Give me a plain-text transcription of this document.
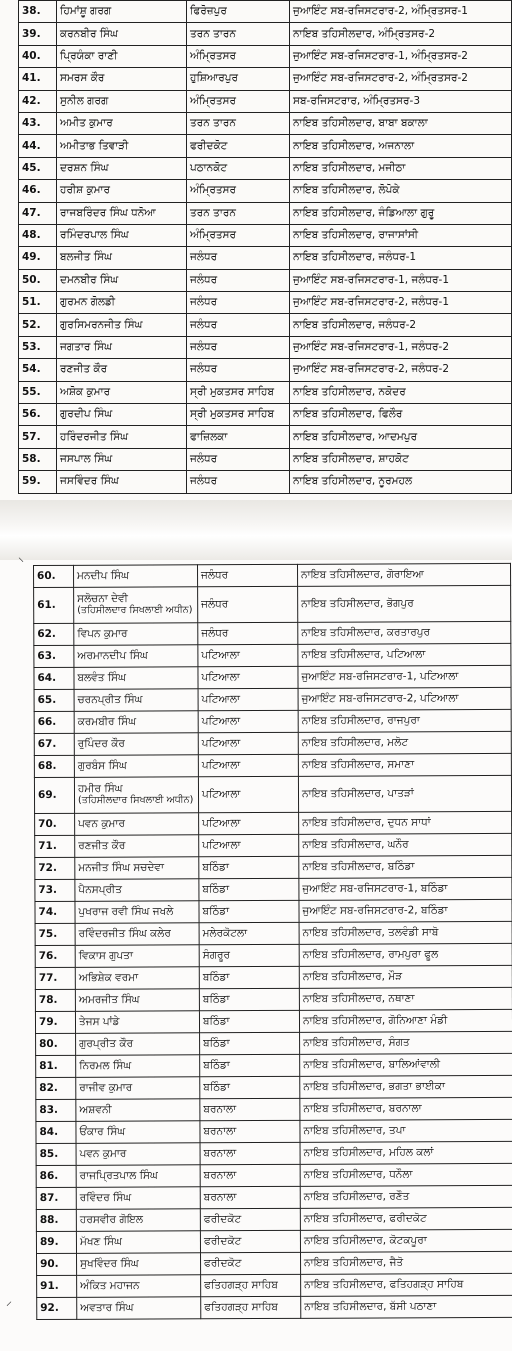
38.	ਹਿਮਾਂਸ਼ੂ ਗਰਗ	ਫਿਰੋਜ਼ਪੁਰ	ਜੁਆਇੰਟ ਸਬ-ਰਜਿਸਟਰਾਰ-2, ਅੰਮ੍ਰਿਤਸਰ-1
39.	ਕਰਨਬੀਰ ਸਿੰਘ	ਤਰਨ ਤਾਰਨ	ਨਾਇਬ ਤਹਿਸੀਲਦਾਰ, ਅੰਮ੍ਰਿਤਸਰ-2
40.	ਪ੍ਰਿਯੰਕਾ ਰਾਣੀ	ਅੰਮ੍ਰਿਤਸਰ	ਜੁਆਇੰਟ ਸਬ-ਰਜਿਸਟਰਾਰ-1, ਅੰਮ੍ਰਿਤਸਰ-2
41.	ਸਮਰਸ ਕੌਰ	ਹੁਸ਼ਿਆਰਪੁਰ	ਜੁਆਇੰਟ ਸਬ-ਰਜਿਸਟਰਾਰ-2, ਅੰਮ੍ਰਿਤਸਰ-2
42.	ਸੁਨੀਲ ਗਰਗ	ਅੰਮ੍ਰਿਤਸਰ	ਸਬ-ਰਜਿਸਟਰਾਰ, ਅੰਮ੍ਰਿਤਸਰ-3
43.	ਅਮੀਤ ਕੁਮਾਰ	ਤਰਨ ਤਾਰਨ	ਨਾਇਬ ਤਹਿਸੀਲਦਾਰ, ਬਾਬਾ ਬਕਾਲਾ
44.	ਅਮੀਤਾਭ ਤਿਵਾੜੀ	ਫਰੀਦਕੋਟ	ਨਾਇਬ ਤਹਿਸੀਲਦਾਰ, ਅਜਨਾਲਾ
45.	ਦਰਸ਼ਨ ਸਿੰਘ	ਪਠਾਨਕੋਟ	ਨਾਇਬ ਤਹਿਸੀਲਦਾਰ, ਮਜੀਠਾ
46.	ਹਰੀਸ਼ ਕੁਮਾਰ	ਅੰਮ੍ਰਿਤਸਰ	ਨਾਇਬ ਤਹਿਸੀਲਦਾਰ, ਲੋਪੋਕੇ
47.	ਰਾਜਬਰਿੰਦਰ ਸਿੰਘ ਧਨੋਆ	ਤਰਨ ਤਾਰਨ	ਨਾਇਬ ਤਹਿਸੀਲਦਾਰ, ਜੰਡਿਆਲਾ ਗੁਰੂ
48.	ਰਮਿੰਦਰਪਾਲ ਸਿੰਘ	ਅੰਮ੍ਰਿਤਸਰ	ਨਾਇਬ ਤਹਿਸੀਲਦਾਰ, ਰਾਜਾਸਾਂਸੀ
49.	ਬਲਜੀਤ ਸਿੰਘ	ਜਲੰਧਰ	ਨਾਇਬ ਤਹਿਸੀਲਦਾਰ, ਜਲੰਧਰ-1
50.	ਦਮਨਬੀਰ ਸਿੰਘ	ਜਲੰਧਰ	ਜੁਆਇੰਟ ਸਬ-ਰਜਿਸਟਰਾਰ-1, ਜਲੰਧਰ-1
51.	ਗੁਰਮਨ ਗੋਲਡੀ	ਜਲੰਧਰ	ਜੁਆਇੰਟ ਸਬ-ਰਜਿਸਟਰਾਰ-2, ਜਲੰਧਰ-1
52.	ਗੁਰਸਿਮਰਨਜੀਤ ਸਿੰਘ	ਜਲੰਧਰ	ਨਾਇਬ ਤਹਿਸੀਲਦਾਰ, ਜਲੰਧਰ-2
53.	ਜਗਤਾਰ ਸਿੰਘ	ਜਲੰਧਰ	ਜੁਆਇੰਟ ਸਬ-ਰਜਿਸਟਰਾਰ-1, ਜਲੰਧਰ-2
54.	ਰਣਜੀਤ ਕੌਰ	ਜਲੰਧਰ	ਜੁਆਇੰਟ ਸਬ-ਰਜਿਸਟਰਾਰ-2, ਜਲੰਧਰ-2
55.	ਅਸ਼ੋਕ ਕੁਮਾਰ	ਸ੍ਰੀ ਮੁਕਤਸਰ ਸਾਹਿਬ	ਨਾਇਬ ਤਹਿਸੀਲਦਾਰ, ਨਕੋਦਰ
56.	ਗੁਰਦੀਪ ਸਿੰਘ	ਸ੍ਰੀ ਮੁਕਤਸਰ ਸਾਹਿਬ	ਨਾਇਬ ਤਹਿਸੀਲਦਾਰ, ਫਿਲੌਰ
57.	ਹਰਿੰਦਰਜੀਤ ਸਿੰਘ	ਫਾਜ਼ਿਲਕਾ	ਨਾਇਬ ਤਹਿਸੀਲਦਾਰ, ਆਦਮਪੁਰ
58.	ਜਸਪਾਲ ਸਿੰਘ	ਜਲੰਧਰ	ਨਾਇਬ ਤਹਿਸੀਲਦਾਰ, ਸ਼ਾਹਕੋਟ
59.	ਜਸਵਿੰਦਰ ਸਿੰਘ	ਜਲੰਧਰ	ਨਾਇਬ ਤਹਿਸੀਲਦਾਰ, ਨੂਰਮਹਲ
60.	ਮਨਦੀਪ ਸਿੰਘ	ਜਲੰਧਰ	ਨਾਇਬ ਤਹਿਸੀਲਦਾਰ, ਗੋਰਾਇਆ
61.	ਸਲੋਚਨਾ ਦੇਵੀ
(ਤਹਿਸੀਲਦਾਰ ਸਿਖਲਾਈ ਅਧੀਨ)	ਜਲੰਧਰ	ਨਾਇਬ ਤਹਿਸੀਲਦਾਰ, ਭੋਗਪੁਰ
62.	ਵਿਪਨ ਕੁਮਾਰ	ਜਲੰਧਰ	ਨਾਇਬ ਤਹਿਸੀਲਦਾਰ, ਕਰਤਾਰਪੁਰ
63.	ਅਰਮਾਨਦੀਪ ਸਿੰਘ	ਪਟਿਆਲਾ	ਨਾਇਬ ਤਹਿਸੀਲਦਾਰ, ਪਟਿਆਲਾ
64.	ਬਲਵੰਤ ਸਿੰਘ	ਪਟਿਆਲਾ	ਜੁਆਇੰਟ ਸਬ-ਰਜਿਸਟਰਾਰ-1, ਪਟਿਆਲਾ
65.	ਚਰਨਪ੍ਰੀਤ ਸਿੰਘ	ਪਟਿਆਲਾ	ਜੁਆਇੰਟ ਸਬ-ਰਜਿਸਟਰਾਰ-2, ਪਟਿਆਲਾ
66.	ਕਰਮਬੀਰ ਸਿੰਘ	ਪਟਿਆਲਾ	ਨਾਇਬ ਤਹਿਸੀਲਦਾਰ, ਰਾਜਪੁਰਾ
67.	ਰੁਪਿੰਦਰ ਕੌਰ	ਪਟਿਆਲਾ	ਨਾਇਬ ਤਹਿਸੀਲਦਾਰ, ਮਲੋਟ
68.	ਗੁਰਬੰਸ ਸਿੰਘ	ਪਟਿਆਲਾ	ਨਾਇਬ ਤਹਿਸੀਲਦਾਰ, ਸਮਾਣਾ
69.	ਹਮੀਰ ਸਿੰਘ
(ਤਹਿਸੀਲਦਾਰ ਸਿਖਲਾਈ ਅਧੀਨ)	ਪਟਿਆਲਾ	ਨਾਇਬ ਤਹਿਸੀਲਦਾਰ, ਪਾਤੜਾਂ
70.	ਪਵਨ ਕੁਮਾਰ	ਪਟਿਆਲਾ	ਨਾਇਬ ਤਹਿਸੀਲਦਾਰ, ਦੁਧਨ ਸਾਧਾਂ
71.	ਰਣਜੀਤ ਕੌਰ	ਪਟਿਆਲਾ	ਨਾਇਬ ਤਹਿਸੀਲਦਾਰ, ਘਨੌਰ
72.	ਮਨਜੀਤ ਸਿੰਘ ਸਚਦੇਵਾ	ਬਠਿੰਡਾ	ਨਾਇਬ ਤਹਿਸੀਲਦਾਰ, ਬਠਿੰਡਾ
73.	ਪੈਨਸਪ੍ਰੀਤ	ਬਠਿੰਡਾ	ਜੁਆਇੰਟ ਸਬ-ਰਜਿਸਟਰਾਰ-1, ਬਠਿੰਡਾ
74.	ਪੁਖਰਾਜ ਰਵੀ ਸਿੰਘ ਜਖਲੇ	ਬਠਿੰਡਾ	ਜੁਆਇੰਟ ਸਬ-ਰਜਿਸਟਰਾਰ-2, ਬਠਿੰਡਾ
75.	ਰਵਿੰਦਰਜੀਤ ਸਿੰਘ ਕਲੇਰ	ਮਲੇਰਕੋਟਲਾ	ਨਾਇਬ ਤਹਿਸੀਲਦਾਰ, ਤਲਵੰਡੀ ਸਾਬੋ
76.	ਵਿਕਾਸ ਗੁਪਤਾ	ਸੰਗਰੂਰ	ਨਾਇਬ ਤਹਿਸੀਲਦਾਰ, ਰਾਮਪੁਰਾ ਫੂਲ
77.	ਅਭਿਸ਼ੇਕ ਵਰਮਾ	ਬਠਿੰਡਾ	ਨਾਇਬ ਤਹਿਸੀਲਦਾਰ, ਮੌੜ
78.	ਅਮਰਜੀਤ ਸਿੰਘ	ਬਠਿੰਡਾ	ਨਾਇਬ ਤਹਿਸੀਲਦਾਰ, ਨਥਾਣਾ
79.	ਤੇਜਸ ਪਾਂਡੇ	ਬਠਿੰਡਾ	ਨਾਇਬ ਤਹਿਸੀਲਦਾਰ, ਗੋਨਿਆਣਾ ਮੰਡੀ
80.	ਗੁਰਪ੍ਰੀਤ ਕੌਰ	ਬਠਿੰਡਾ	ਨਾਇਬ ਤਹਿਸੀਲਦਾਰ, ਸੰਗਤ
81.	ਨਿਰਮਲ ਸਿੰਘ	ਬਠਿੰਡਾ	ਨਾਇਬ ਤਹਿਸੀਲਦਾਰ, ਬਾਲਿਆਂਵਾਲੀ
82.	ਰਾਜੀਵ ਕੁਮਾਰ	ਬਠਿੰਡਾ	ਨਾਇਬ ਤਹਿਸੀਲਦਾਰ, ਭਗਤਾ ਭਾਈਕਾ
83.	ਅਸ਼ਵਨੀ	ਬਰਨਾਲਾ	ਨਾਇਬ ਤਹਿਸੀਲਦਾਰ, ਬਰਨਾਲਾ
84.	ਓਂਕਾਰ ਸਿੰਘ	ਬਰਨਾਲਾ	ਨਾਇਬ ਤਹਿਸੀਲਦਾਰ, ਤਪਾ
85.	ਪਵਨ ਕੁਮਾਰ	ਬਰਨਾਲਾ	ਨਾਇਬ ਤਹਿਸੀਲਦਾਰ, ਮਹਿਲ ਕਲਾਂ
86.	ਰਾਜਪ੍ਰਿਤਪਾਲ ਸਿੰਘ	ਬਰਨਾਲਾ	ਨਾਇਬ ਤਹਿਸੀਲਦਾਰ, ਧਨੌਲਾ
87.	ਰਵਿੰਦਰ ਸਿੰਘ	ਬਰਨਾਲਾ	ਨਾਇਬ ਤਹਿਸੀਲਦਾਰ, ਰਣੌਤ
88.	ਹਰਸਵੀਰ ਗੋਇਲ	ਫਰੀਦਕੋਟ	ਨਾਇਬ ਤਹਿਸੀਲਦਾਰ, ਫਰੀਦਕੋਟ
89.	ਮੱਖਣ ਸਿੰਘ	ਫਰੀਦਕੋਟ	ਨਾਇਬ ਤਹਿਸੀਲਦਾਰ, ਕੋਟਕਪੂਰਾ
90.	ਸੁਖਵਿੰਦਰ ਸਿੰਘ	ਫਰੀਦਕੋਟ	ਨਾਇਬ ਤਹਿਸੀਲਦਾਰ, ਜੈਤੋ
91.	ਅੰਕਿਤ ਮਹਾਜਨ	ਫਤਿਹਗੜ੍ਹ ਸਾਹਿਬ	ਨਾਇਬ ਤਹਿਸੀਲਦਾਰ, ਫਤਿਹਗੜ੍ਹ ਸਾਹਿਬ
92.	ਅਵਤਾਰ ਸਿੰਘ	ਫਤਿਹਗੜ੍ਹ ਸਾਹਿਬ	ਨਾਇਬ ਤਹਿਸੀਲਦਾਰ, ਬੱਸੀ ਪਠਾਣਾ
⸜
⸝
